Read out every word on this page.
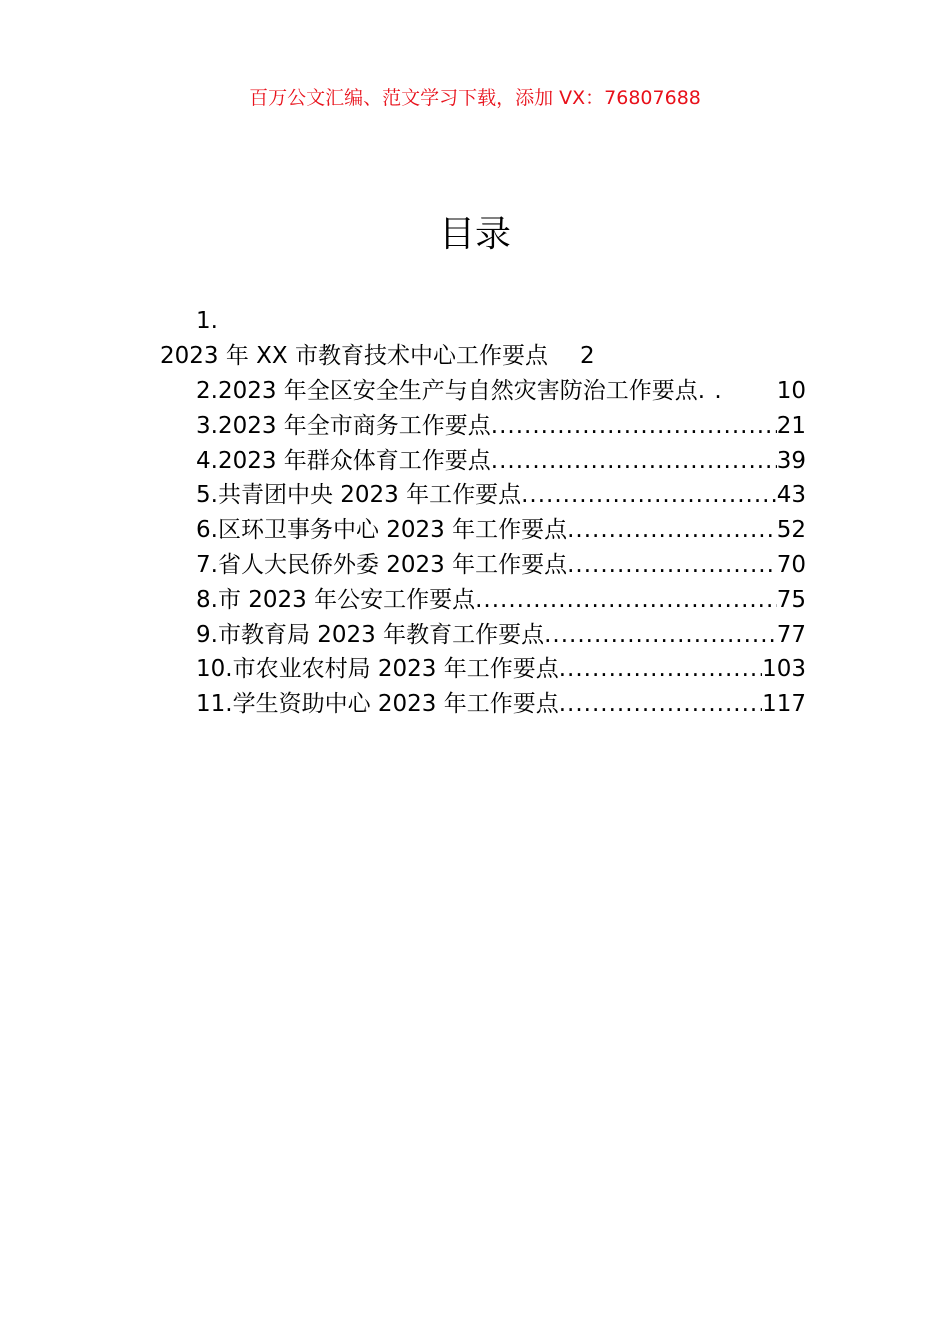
百万公文汇编、范文学习下载，添加 VX：76807688
目录
1.
2023 年 XX 市教育技术中心工作要点 2
2.2023 年全区安全生产与自然灾害防治工作要点 . .	10
3.2023 年全市商务工作要点 .....	21
4.2023 年群众体育工作要点 .....	39
5.共青团中央 2023 年工作要点 .....	43
6.区环卫事务中心 2023 年工作要点 .....	52
7.省人大民侨外委 2023 年工作要点 .....	70
8.市 2023 年公安工作要点 .....	75
9.市教育局 2023 年教育工作要点 .....	77
10.市农业农村局 2023 年工作要点 .....	103
11.学生资助中心 2023 年工作要点 .....	117
